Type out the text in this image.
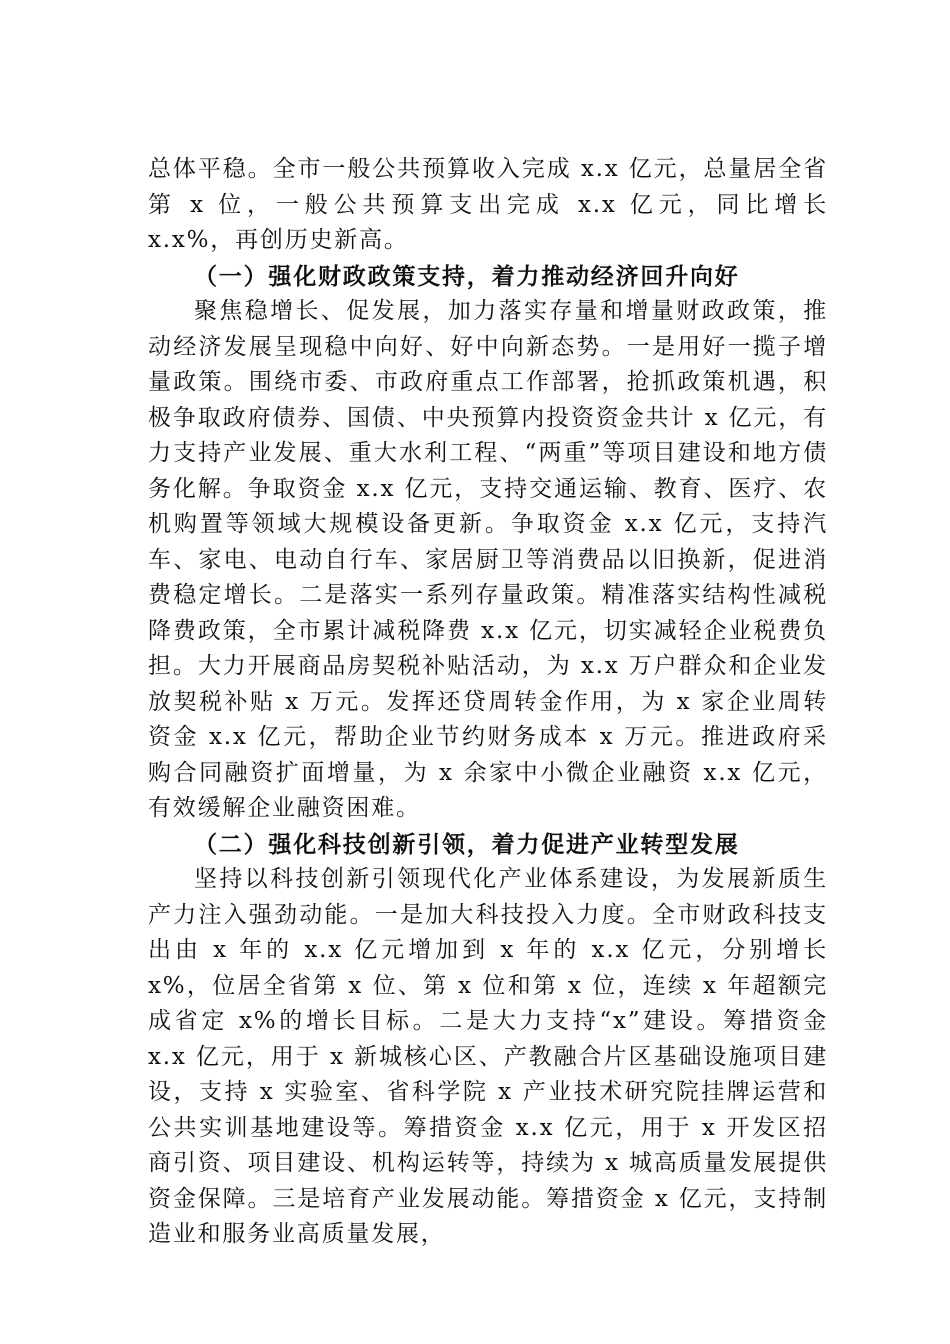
总体平稳。全市一般公共预算收入完成 x.x 亿元，总量居全省第 x 位，一般公共预算支出完成 x.x 亿元，同比增长 x.x%，再创历史新高。

（一）强化财政政策支持，着力推动经济回升向好

聚焦稳增长、促发展，加力落实存量和增量财政政策，推动经济发展呈现稳中向好、好中向新态势。一是用好一揽子增量政策。围绕市委、市政府重点工作部署，抢抓政策机遇，积极争取政府债券、国债、中央预算内投资资金共计 x 亿元，有力支持产业发展、重大水利工程、“两重”等项目建设和地方债务化解。争取资金 x.x 亿元，支持交通运输、教育、医疗、农机购置等领域大规模设备更新。争取资金 x.x 亿元，支持汽车、家电、电动自行车、家居厨卫等消费品以旧换新，促进消费稳定增长。二是落实一系列存量政策。精准落实结构性减税降费政策，全市累计减税降费 x.x 亿元，切实减轻企业税费负担。大力开展商品房契税补贴活动，为 x.x 万户群众和企业发放契税补贴 x 万元。发挥还贷周转金作用，为 x 家企业周转资金 x.x 亿元，帮助企业节约财务成本 x 万元。推进政府采购合同融资扩面增量，为 x 余家中小微企业融资 x.x 亿元，有效缓解企业融资困难。

（二）强化科技创新引领，着力促进产业转型发展

坚持以科技创新引领现代化产业体系建设，为发展新质生产力注入强劲动能。一是加大科技投入力度。全市财政科技支出由 x 年的 x.x 亿元增加到 x 年的 x.x 亿元，分别增长 x%，位居全省第 x 位、第 x 位和第 x 位，连续 x 年超额完成省定 x%的增长目标。二是大力支持“x”建设。筹措资金 x.x 亿元，用于 x 新城核心区、产教融合片区基础设施项目建设，支持 x 实验室、省科学院 x 产业技术研究院挂牌运营和公共实训基地建设等。筹措资金 x.x 亿元，用于 x 开发区招商引资、项目建设、机构运转等，持续为 x 城高质量发展提供资金保障。三是培育产业发展动能。筹措资金 x 亿元，支持制造业和服务业高质量发展，
